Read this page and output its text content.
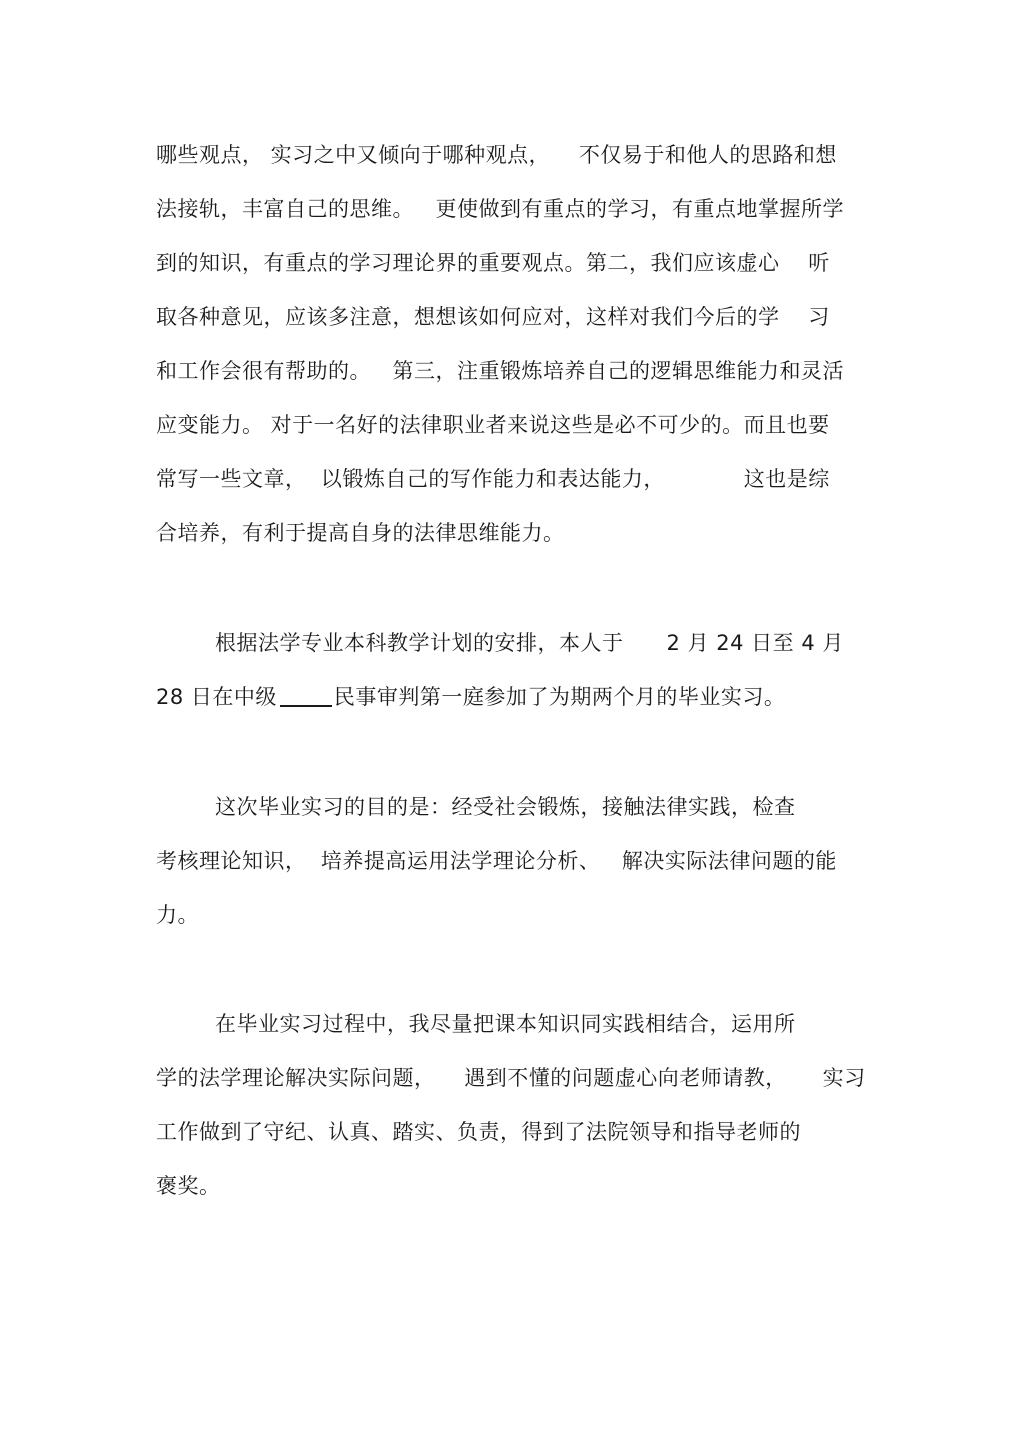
哪些观点， 实习之中又倾向于哪种观点，    不仅易于和他人的思路和想
法接轨，丰富自己的思维。   更使做到有重点的学习，有重点地掌握所学
到的知识，有重点的学习理论界的重要观点。第二，我们应该虚心    听
取各种意见，应该多注意，想想该如何应对，这样对我们今后的学    习
和工作会很有帮助的。   第三，注重锻炼培养自己的逻辑思维能力和灵活
应变能力。 对于一名好的法律职业者来说这些是必不可少的。而且也要
常写一些文章，  以锻炼自己的写作能力和表达能力，           这也是综
合培养，有利于提高自身的法律思维能力。
根据法学专业本科教学计划的安排，本人于      2 月 24 日至 4 月
28 日在中级	民事审判第一庭参加了为期两个月的毕业实习。
这次毕业实习的目的是：经受社会锻炼，接触法律实践，检查
考核理论知识，  培养提高运用法学理论分析、   解决实际法律问题的能
力。
在毕业实习过程中，我尽量把课本知识同实践相结合，运用所
学的法学理论解决实际问题，    遇到不懂的问题虚心向老师请教，     实习
工作做到了守纪、认真、踏实、负责，得到了法院领导和指导老师的
褒奖。
